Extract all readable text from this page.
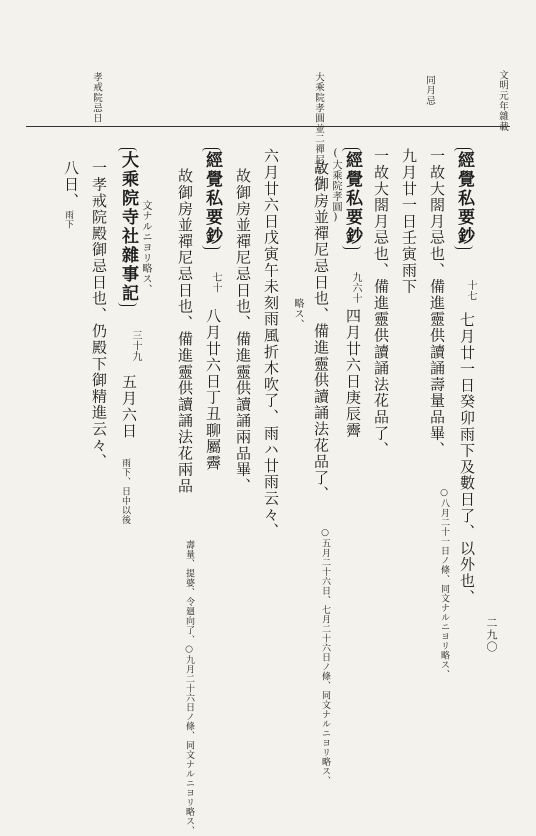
文明元年雜載
同月忌
大乘院孝圓並二禪尼忌日
孝戒院忌日
二九〇
經覺私要鈔
十七
七月廿一日癸卯雨下及數日了、以外也、
一故大閤月忌也、備進靈供讀誦壽量品畢、
○八月二十一日ノ條、同文ナルニヨリ略ス、
九月廿一日壬寅雨下
一故大閤月忌也、備進靈供讀誦法花品了、
略ス、
經覺私要鈔
九六十
四月廿六日庚辰霽
(大乘院孝圓)
故御房並禪尼忌日也、備進靈供讀誦法花品了、
○五月二十六日、七月二十六日ノ條、同文ナルニヨリ略ス、
六月廿六日戊寅午未刻雨風折木吹了、雨ハ廿雨云々、
故御房並禪尼忌日也、備進靈供讀誦兩品畢、
經覺私要鈔
七十
八月廿六日丁丑聊屬霽
故御房並禪尼忌日也、備進靈供讀誦法花兩品
壽量、提婆、令廻向了、○九月二十六日ノ條、同文ナルニヨリ略ス、
文ナルニヨリ略ス、
大乘院寺社雜事記
三十九
五月六日
雨下、日中以後
一孝戒院殿御忌日也、仍殿下御精進云々、
八日、
雨下
